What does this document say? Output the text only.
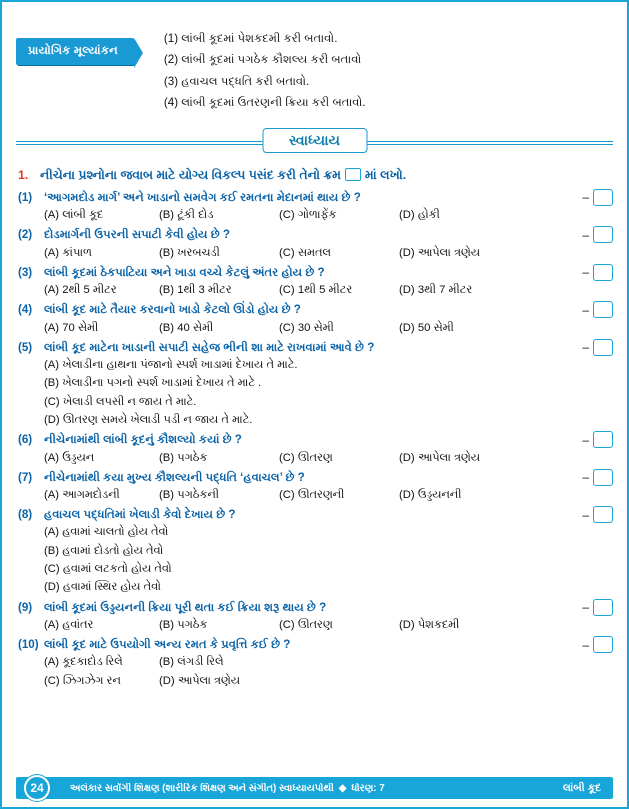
પ્રાયોગિક મૂલ્યાંકન
(1) લાંબી કૂદમાં પેશકદમી કરી બતાવો.
(2) લાંબી કૂદમાં પગઠેક કૌશલ્ય કરી બતાવો
(3) હવાચલ પદ્ધતિ કરી બતાવો.
(4) લાંબી કૂદમાં ઉતરણની ક્રિયા કરી બતાવો.
સ્વાધ્યાય
1. નીચેના પ્રશ્નોના જવાબ માટે યોગ્ય વિકલ્પ પસંદ કરી તેનો ક્રમ માં લખો.
(1)	‘આગમદોડ માર્ગ’ અને ખાડાનો સમવેગ કઈ રમતના મેદાનમાં થાય છે ?
(A) લાંબી કૂદ	(B) ટૂંકી દોડ	(C) ગોળાફેંક	(D) હોકી
–
(2)	દોડમાર્ગની ઉપરની સપાટી કેવી હોય છે ?
(A) કાંપાળ	(B) ખરબચડી	(C) સમતલ	(D) આપેલા ત્રણેય
–
(3)	લાંબી કૂદમાં ઠેકપાટિયા અને ખાડા વચ્ચે કેટલું અંતર હોય છે ?
(A) 2થી 5 મીટર	(B) 1થી 3 મીટર	(C) 1થી 5 મીટર	(D) 3થી 7 મીટર
–
(4)	લાંબી કૂદ માટે તૈયાર કરવાનો ખાડો કેટલો ઊંડો હોય છે ?
(A) 70 સેમી	(B) 40 સેમી	(C) 30 સેમી	(D) 50 સેમી
–
(5)	લાંબી કૂદ માટેના ખાડાની સપાટી સહેજ ભીની શા માટે રાખવામાં આવે છે ?
(A) ખેલાડીના હાથના પંજાનો સ્પર્શ ખાડામાં દેખાય તે માટે.
(B) ખેલાડીના પગનો સ્પર્શ ખાડામાં દેખાય તે માટે .
(C) ખેલાડી લપસી ન જાય તે માટે.
(D) ઊતરણ સમયે ખેલાડી પડી ન જાય તે માટે.
–
(6)	નીચેનામાંથી લાંબી કૂદનું કૌશલ્યો કયાં છે ?
(A) ઉડ્ડયન	(B) પગઠેક	(C) ઊતરણ	(D) આપેલા ત્રણેય
–
(7)	નીચેનામાંથી કયા મુખ્ય કૌશલ્યની પદ્ધતિ ‘હવાચલ’ છે ?
(A) આગમદોડની	(B) પગઠેકની	(C) ઊતરણની	(D) ઉડ્ડયનની
–
(8)	હવાચલ પદ્ધતિમાં ખેલાડી કેવો દેખાય છે ?
(A) હવામાં ચાલતો હોય તેવો
(B) હવામાં દોડતો હોય તેવો
(C) હવામાં લટકતો હોય તેવો
(D) હવામાં સ્થિર હોય તેવો
–
(9)	લાંબી કૂદમાં ઉડ્ડયનની ક્રિયા પૂરી થતા કઈ ક્રિયા શરૂ થાય છે ?
(A) હવાંતર	(B) પગઠેક	(C) ઊતરણ	(D) પેશકદમી
–
(10) લાંબી કૂદ માટે ઉપયોગી અન્ય રમત કે પ્રવૃત્તિ કઈ છે ?
(A) કૂદકાદોડ રિલે	(B) લંગડી રિલે
(C) ઝિગઝેગ રન	(D) આપેલા ત્રણેય
–
અલંકાર સર્વાંગી શિક્ષણ (શારીરિક શિક્ષણ અને સંગીત) સ્વાધ્યાયપોથી ◆ ધોરણ: 7	લાંબી કૂદ
24
